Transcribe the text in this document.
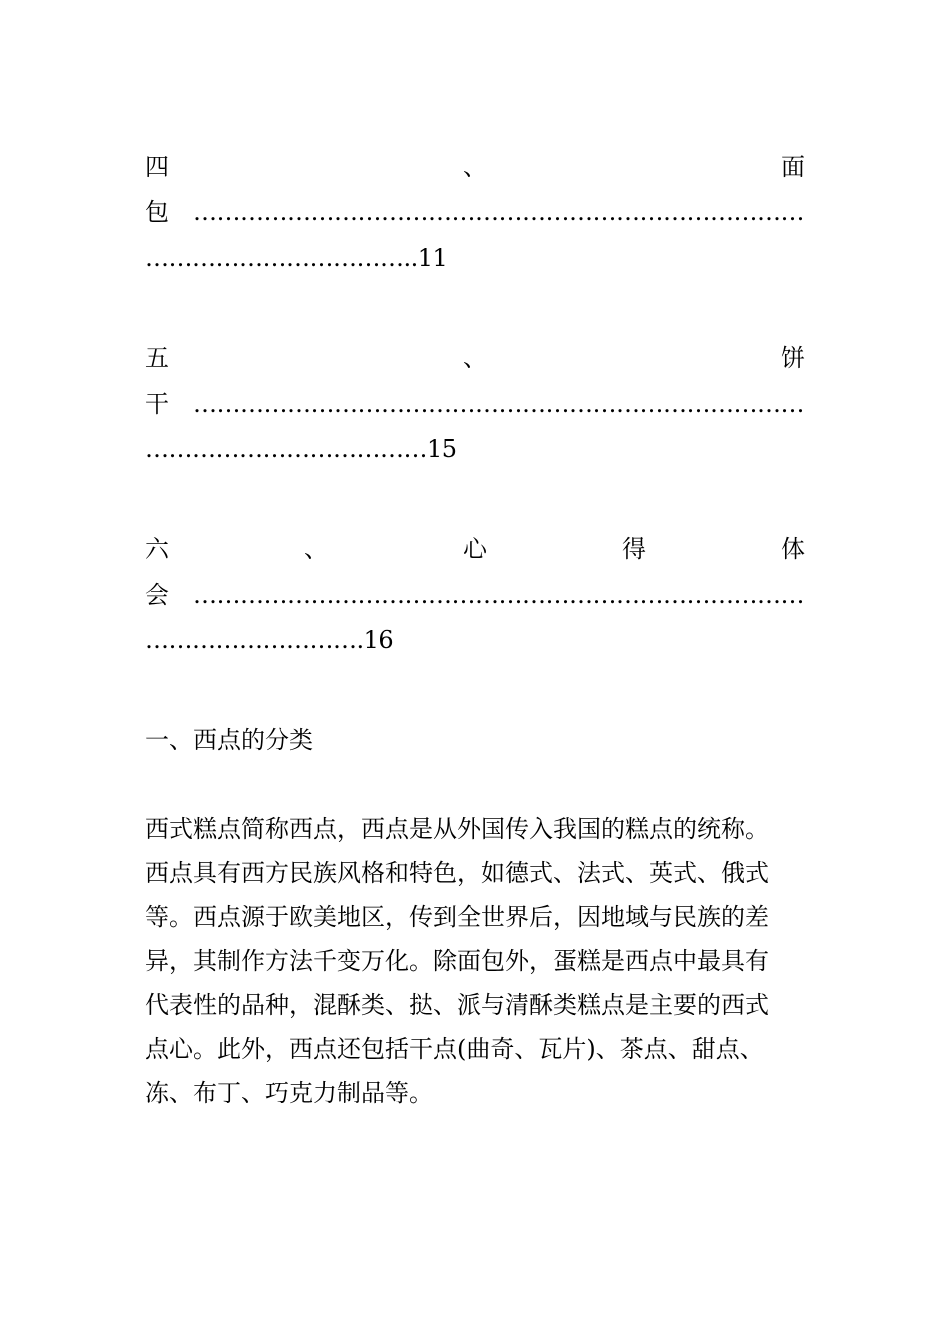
四	、	面
包	……………………………………………………………………
……………………………..11
五	、	饼
干	……………………………………………………………………
………………………………15
六	、	心	得	体
会	……………………………………………………………………
……………………….16
一、西点的分类
西式糕点简称西点，西点是从外国传入我国的糕点的统称。
西点具有西方民族风格和特色，如德式、法式、英式、俄式
等。西点源于欧美地区，传到全世界后，因地域与民族的差
异，其制作方法千变万化。除面包外，蛋糕是西点中最具有
代表性的品种，混酥类、挞、派与清酥类糕点是主要的西式
点心。此外，西点还包括干点(曲奇、瓦片)、茶点、甜点、
冻、布丁、巧克力制品等。
